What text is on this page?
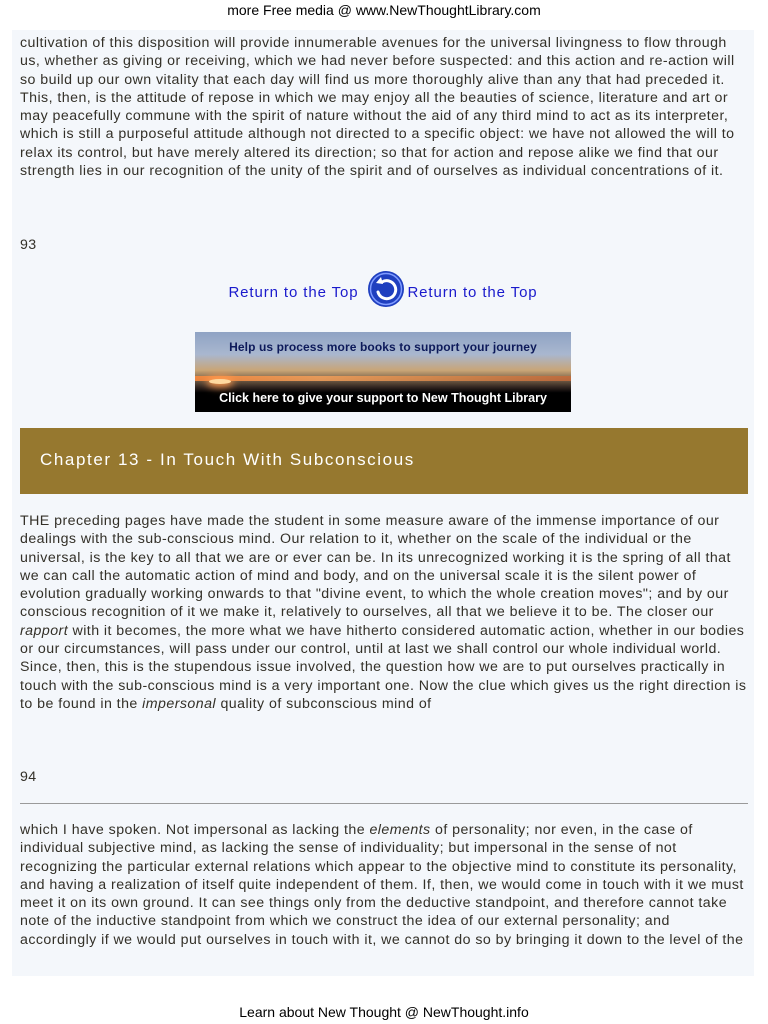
more Free media @ www.NewThoughtLibrary.com

cultivation of this disposition will provide innumerable avenues for the universal livingness to flow through us, whether as giving or receiving, which we had never before suspected: and this action and re-action will so build up our own vitality that each day will find us more thoroughly alive than any that had preceded it. This, then, is the attitude of repose in which we may enjoy all the beauties of science, literature and art or may peacefully commune with the spirit of nature without the aid of any third mind to act as its interpreter, which is still a purposeful attitude although not directed to a specific object: we have not allowed the will to relax its control, but have merely altered its direction; so that for action and repose alike we find that our strength lies in our recognition of the unity of the spirit and of ourselves as individual concentrations of it.

93

Return to the Top	Return to the Top
Help us process more books to support your journey
Click here to give your support to New Thought Library
Chapter 13 - In Touch With Subconscious

THE preceding pages have made the student in some measure aware of the immense importance of our dealings with the sub-conscious mind. Our relation to it, whether on the scale of the individual or the universal, is the key to all that we are or ever can be. In its unrecognized working it is the spring of all that we can call the automatic action of mind and body, and on the universal scale it is the silent power of evolution gradually working onwards to that "divine event, to which the whole creation moves"; and by our conscious recognition of it we make it, relatively to ourselves, all that we believe it to be. The closer our rapport with it becomes, the more what we have hitherto considered automatic action, whether in our bodies or our circumstances, will pass under our control, until at last we shall control our whole individual world. Since, then, this is the stupendous issue involved, the question how we are to put ourselves practically in touch with the sub-conscious mind is a very important one. Now the clue which gives us the right direction is to be found in the impersonal quality of subconscious mind of

94

which I have spoken. Not impersonal as lacking the elements of personality; nor even, in the case of individual subjective mind, as lacking the sense of individuality; but impersonal in the sense of not recognizing the particular external relations which appear to the objective mind to constitute its personality, and having a realization of itself quite independent of them. If, then, we would come in touch with it we must meet it on its own ground. It can see things only from the deductive standpoint, and therefore cannot take note of the inductive standpoint from which we construct the idea of our external personality; and accordingly if we would put ourselves in touch with it, we cannot do so by bringing it down to the level of the

Learn about New Thought @ NewThought.info
